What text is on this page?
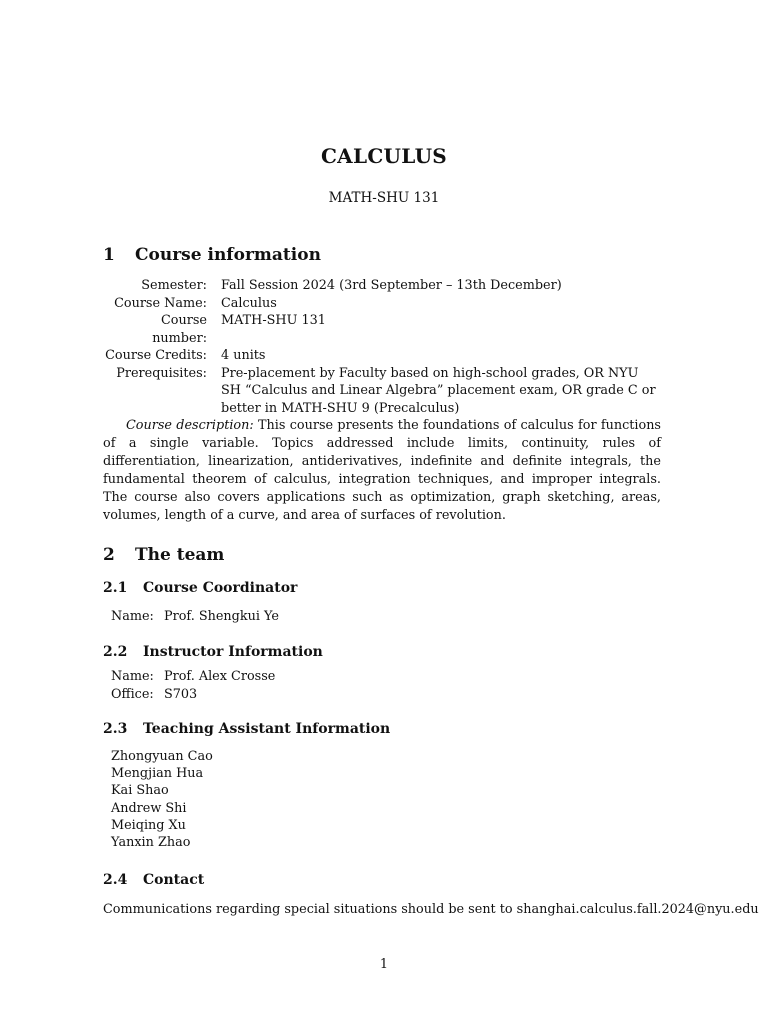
CALCULUS
MATH-SHU 131
1 Course information
Semester: Fall Session 2024 (3rd September – 13th December)
Course Name: Calculus
Course number:
MATH-SHU 131
Course Credits: 4 units
Prerequisites: Pre-placement by Faculty based on high-school grades, OR NYU SH “Calculus and Linear Algebra” placement exam, OR grade C or better in MATH-SHU 9 (Precalculus)

Course description: This course presents the foundations of calculus for functions of a single variable. Topics addressed include limits, continuity, rules of differentiation, linearization, antiderivatives, indefinite and definite integrals, the fundamental theorem of calculus, integration techniques, and improper integrals. The course also covers applications such as optimization, graph sketching, areas, volumes, length of a curve, and area of surfaces of revolution.

2 The team
2.1 Course Coordinator
Name: Prof. Shengkui Ye
2.2 Instructor Information
Name: Prof. Alex Crosse
Office: S703
2.3 Teaching Assistant Information
Zhongyuan Cao
Mengjian Hua
Kai Shao
Andrew Shi
Meiqing Xu
Yanxin Zhao
2.4 Contact
Communications regarding special situations should be sent to shanghai.calculus.fall.2024@nyu.edu
1
